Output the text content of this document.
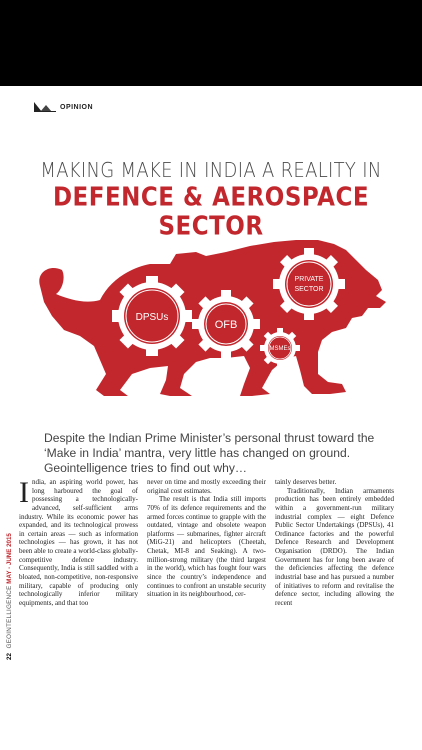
OPINION
MAKING MAKE IN INDIA A REALITY IN
DEFENCE & AEROSPACE SECTOR
DPSUs
OFB
PRIVATE
SECTOR
MSMEs
Despite the Indian Prime Minister’s personal thrust toward the ‘Make in India’ mantra, very little has changed on ground. Geointelligence tries to find out why…
22 GEOINTELLIGENCE MAY - JUNE 2015

I ndia, an aspiring world power, has long harboured the goal of possessing a technologically-advanced, self-sufficient arms industry. While its economic power has expanded, and its technological prowess in certain areas — such as information technologies — has grown, it has not been able to create a world-class globally-competitive defence industry. Consequently, India is still saddled with a bloated, non-competitive, non-responsive military, capable of producing only technologically inferior military equipments, and that too

never on time and mostly exceeding their original cost estimates.

The result is that India still imports 70% of its defence requirements and the armed forces continue to grapple with the outdated, vintage and obsolete weapon platforms — submarines, fighter aircraft (MiG-21) and helicopters (Cheetah, Chetak, MI-8 and Seaking). A two-million-strong military (the third largest in the world), which has fought four wars since the country’s independence and continues to confront an unstable security situation in its neighbourhood, cer-

tainly deserves better.

Traditionally, Indian armaments production has been entirely embedded within a government-run military industrial complex — eight Defence Public Sector Undertakings (DPSUs), 41 Ordinance factories and the powerful Defence Research and Development Organisation (DRDO). The Indian Government has for long been aware of the deficiencies affecting the defence industrial base and has pursued a number of initiatives to reform and revitalise the defence sector, including allowing the recent
